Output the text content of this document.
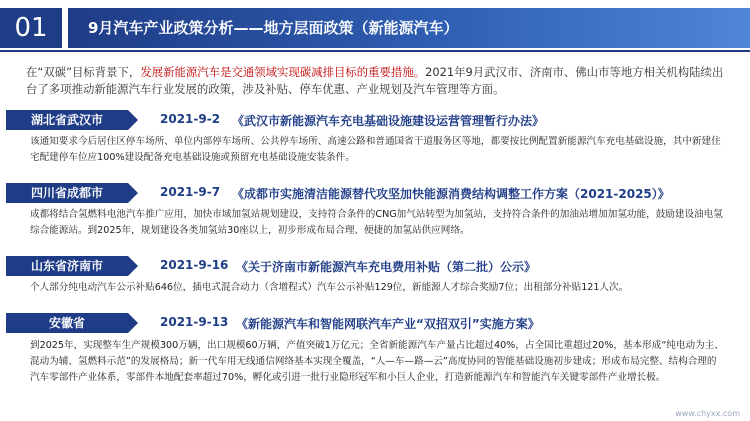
01	9月汽车产业政策分析——地方层面政策（新能源汽车）
在“双碳”目标背景下，发展新能源汽车是交通领域实现碳减排目标的重要措施。2021年9月武汉市、济南市、佛山市等地方相关机构陆续出台了多项推动新能源汽车行业发展的政策，涉及补贴、停车优惠、产业规划及汽车管理等方面。
湖北省武汉市	2021-9-2 《武汉市新能源汽车充电基础设施建设运营管理暂行办法》
该通知要求今后居住区停车场所、单位内部停车场所、公共停车场所、高速公路和普通国省干道服务区等地，都要按比例配置新能源汽车充电基础设施，其中新建住宅配建停车位应100%建设配备充电基础设施或预留充电基础设施安装条件。
四川省成都市	2021-9-7 《成都市实施清洁能源替代攻坚加快能源消费结构调整工作方案（2021-2025）》
成都将结合氢燃料电池汽车推广应用，加快市域加氢站规划建设，支持符合条件的CNG加气站转型为加氢站，支持符合条件的加油站增加加氢功能，鼓励建设油电氢综合能源站。到2025年，规划建设各类加氢站30座以上，初步形成布局合理、便捷的加氢站供应网络。
山东省济南市	2021-9-16 《关于济南市新能源汽车充电费用补贴（第二批）公示》
个人部分纯电动汽车公示补贴646位，插电式混合动力（含增程式）汽车公示补贴129位，新能源人才综合奖励7位；出租部分补贴121人次。
安徽省	2021-9-13 《新能源汽车和智能网联汽车产业“双招双引”实施方案》
到2025年，实现整车生产规模300万辆，出口规模60万辆，产值突破1万亿元；全省新能源汽车产量占比超过40%，占全国比重超过20%，基本形成“纯电动为主、混动为辅、氢燃料示范”的发展格局；新一代车用无线通信网络基本实现全覆盖，“人—车—路—云”高度协同的智能基础设施初步建成；形成布局完整、结构合理的汽车零部件产业体系，零部件本地配套率超过70%，孵化或引进一批行业隐形冠军和小巨人企业，打造新能源汽车和智能汽车关键零部件产业增长极。
www.chyxx.com
